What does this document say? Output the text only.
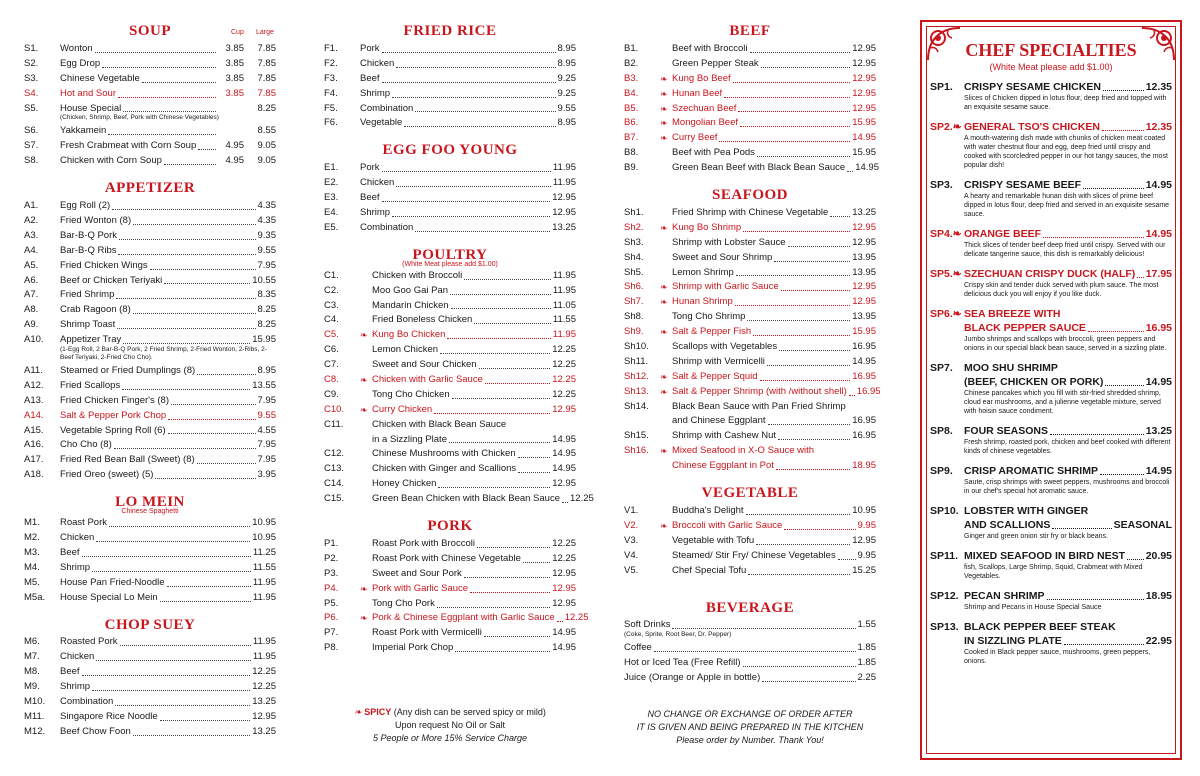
SOUP	Cup Large
S1.	Wonton	3.85	7.85
S2.	Egg Drop	3.85	7.85
S3.	Chinese Vegetable	3.85	7.85
S4.	Hot and Sour	3.85	7.85
S5.	House Special	8.25
(Chicken, Shrimp, Beef, Pork with Chinese Vegetables)
S6.	Yakkamein	8.55
S7.	Fresh Crabmeat with Corn Soup	4.95	9.05
S8.	Chicken with Corn Soup	4.95	9.05
APPETIZER
A1.	Egg Roll (2)	4.35
A2.	Fried Wonton (8)	4.35
A3.	Bar-B-Q Pork	9.35
A4.	Bar-B-Q Ribs	9.55
A5.	Fried Chicken Wings	7.95
A6.	Beef or Chicken Teriyaki	10.55
A7.	Fried Shrimp	8.35
A8.	Crab Ragoon (8)	8.25
A9.	Shrimp Toast	8.25
A10.	Appetizer Tray	15.95
(1-Egg Roll, 2 Bar-B-Q Pork, 2 Fried Shrimp, 2-Fried Wonton, 2-Ribs, 2-Beef Teriyaki, 2-Fried Cho Cho).
A11.	Steamed or Fried Dumplings (8)	8.95
A12.	Fried Scallops	13.55
A13.	Fried Chicken Finger's (8)	7.95
A14.	Salt & Pepper Pork Chop	9.55
A15.	Vegetable Spring Roll (6)	4.55
A16.	Cho Cho (8)	7.95
A17.	Fried Red Bean Ball (Sweet) (8)	7.95
A18.	Fried Oreo (sweet) (5)	3.95
LO MEIN
Chinese Spaghetti
M1.	Roast Pork	10.95
M2.	Chicken	10.95
M3.	Beef	11.25
M4.	Shrimp	11.55
M5.	House Pan Fried-Noodle	11.95
M5a.	House Special Lo Mein	11.95
CHOP SUEY
M6.	Roasted Pork	11.95
M7.	Chicken	11.95
M8.	Beef	12.25
M9.	Shrimp	12.25
M10.	Combination	13.25
M11.	Singapore Rice Noodle	12.95
M12.	Beef Chow Foon	13.25
FRIED RICE
F1.	Pork	8.95
F2.	Chicken	8.95
F3.	Beef	9.25
F4.	Shrimp	9.25
F5.	Combination	9.55
F6.	Vegetable	8.95
EGG FOO YOUNG
E1.	Pork	11.95
E2.	Chicken	11.95
E3.	Beef	12.95
E4.	Shrimp	12.95
E5.	Combination	13.25
POULTRY
(White Meat please add $1.00)
C1.	Chicken with Broccoli	11.95
C2.	Moo Goo Gai Pan	11.95
C3.	Mandarin Chicken	11.05
C4.	Fried Boneless Chicken	11.55
C5.	❧ Kung Bo Chicken	11.95
C6.	Lemon Chicken	12.25
C7.	Sweet and Sour Chicken	12.25
C8.	❧ Chicken with Garlic Sauce	12.25
C9.	Tong Cho Chicken	12.25
C10.	❧ Curry Chicken	12.95
C11.	Chicken with Black Bean Sauce
in a Sizzling Plate	14.95
C12.	Chinese Mushrooms with Chicken	14.95
C13.	Chicken with Ginger and Scallions	14.95
C14.	Honey Chicken	12.95
C15.	Green Bean Chicken with Black Bean Sauce 12.25
PORK
P1.	Roast Pork with Broccoli	12.25
P2.	Roast Pork with Chinese Vegetable	12.25
P3.	Sweet and Sour Pork	12.95
P4.	❧ Pork with Garlic Sauce	12.95
P5.	Tong Cho Pork	12.95
P6.	❧ Pork & Chinese Eggplant with Garlic Sauce 12.25
P7.	Roast Pork with Vermicelli	14.95
P8.	Imperial Pork Chop	14.95
❧ SPICY (Any dish can be served spicy or mild)
Upon request No Oil or Salt
5 People or More 15% Service Charge
BEEF
B1.	Beef with Broccoli	12.95
B2.	Green Pepper Steak	12.95
B3.	❧ Kung Bo Beef	12.95
B4.	❧ Hunan Beef	12.95
B5.	❧ Szechuan Beef	12.95
B6.	❧ Mongolian Beef	15.95
B7.	❧ Curry Beef	14.95
B8.	Beef with Pea Pods	15.95
B9.	Green Bean Beef with Black Bean Sauce 14.95
SEAFOOD
Sh1.	Fried Shrimp with Chinese Vegetable	13.25
Sh2.	❧ Kung Bo Shrimp	12.95
Sh3.	Shrimp with Lobster Sauce	12.95
Sh4.	Sweet and Sour Shrimp	13.95
Sh5.	Lemon Shrimp	13.95
Sh6.	❧ Shrimp with Garlic Sauce	12.95
Sh7.	❧ Hunan Shrimp	12.95
Sh8.	Tong Cho Shrimp	13.95
Sh9.	❧ Salt & Pepper Fish	15.95
Sh10.	Scallops with Vegetables	16.95
Sh11.	Shrimp with Vermicelli	14.95
Sh12.	❧ Salt & Pepper Squid	16.95
Sh13.	❧ Salt & Pepper Shrimp (with /without shell) 16.95
Sh14.	Black Bean Sauce with Pan Fried Shrimp
and Chinese Eggplant	16.95
Sh15.	Shrimp with Cashew Nut	16.95
Sh16.	❧ Mixed Seafood in X-O Sauce with
Chinese Eggplant in Pot	18.95
VEGETABLE
V1.	Buddha's Delight	10.95
V2.	❧ Broccoli with Garlic Sauce	9.95
V3.	Vegetable with Tofu	12.95
V4.	Steamed/ Stir Fry/ Chinese Vegetables 9.95
V5.	Chef Special Tofu	15.25
BEVERAGE
Soft Drinks	1.55
(Coke, Sprite, Root Beer, Dr. Pepper)
Coffee	1.85
Hot or Iced Tea (Free Refill)	1.85
Juice (Orange or Apple in bottle)	2.25
NO CHANGE OR EXCHANGE OF ORDER AFTER
IT IS GIVEN AND BEING PREPARED IN THE KITCHEN
Please order by Number. Thank You!
CHEF SPECIALTIES
(White Meat please add $1.00)
SP1.	CRISPY SESAME CHICKEN	12.35
Slices of Chicken dipped in lotus flour, deep fried and topped with an exquisite sesame sauce.
SP2.❧ GENERAL TSO'S CHICKEN	12.35
A mouth-watering dish made with chunks of chicken meat coated with water chestnut flour and egg, deep fried until crispy and cooked with scorcledred pepper in our hot tangy sauces, the most popular dish!
SP3.	CRISPY SESAME BEEF	14.95
A hearty and remarkable hunan dish with slices of prime beef dipped in lotus flour, deep fried and served in an exquisite sesame sauce.
SP4.❧ ORANGE BEEF	14.95
Thick slices of tender beef deep fried until crispy. Served with our delicate tangerine sauce, this dish is remarkably delicious!
SP5.❧ SZECHUAN CRISPY DUCK (HALF) 17.95
Crispy skin and tender duck served with plum sauce. The most delicious duck you will enjoy if you like duck.
SP6.❧ SEA BREEZE WITH
BLACK PEPPER SAUCE	16.95
Jumbo shrimps and scallops with broccoli, green peppers and onions in our special black bean sauce, served in a sizzling plate.
SP7.	MOO SHU SHRIMP
(BEEF, CHICKEN OR PORK)	14.95
Chinese pancakes which you fill with stir-fried shredded shrimp, cloud ear mushrooms, and a julienne vegetable mixture, served with hoisin sauce condiment.
SP8.	FOUR SEASONS	13.25
Fresh shrimp, roasted pork, chicken and beef cooked with different kinds of chinese vegetables.
SP9.	CRISP AROMATIC SHRIMP	14.95
Saute, crisp shrimps with sweet peppers, mushrooms and broccoli in our chef's special hot aromatic sauce.
SP10. LOBSTER WITH GINGER
AND SCALLIONS	SEASONAL
Ginger and green onion stir fry or black beans.
SP11. MIXED SEAFOOD IN BIRD NEST 20.95
fish, Scallops, Large Shrimp, Squid, Crabmeat with Mixed Vegetables.
SP12. PECAN SHRIMP	18.95
Shrimp and Pecans in House Special Sauce
SP13. BLACK PEPPER BEEF STEAK
IN SIZZLING PLATE	22.95
Cooked in Black pepper sauce, mushrooms, green peppers, onions.
